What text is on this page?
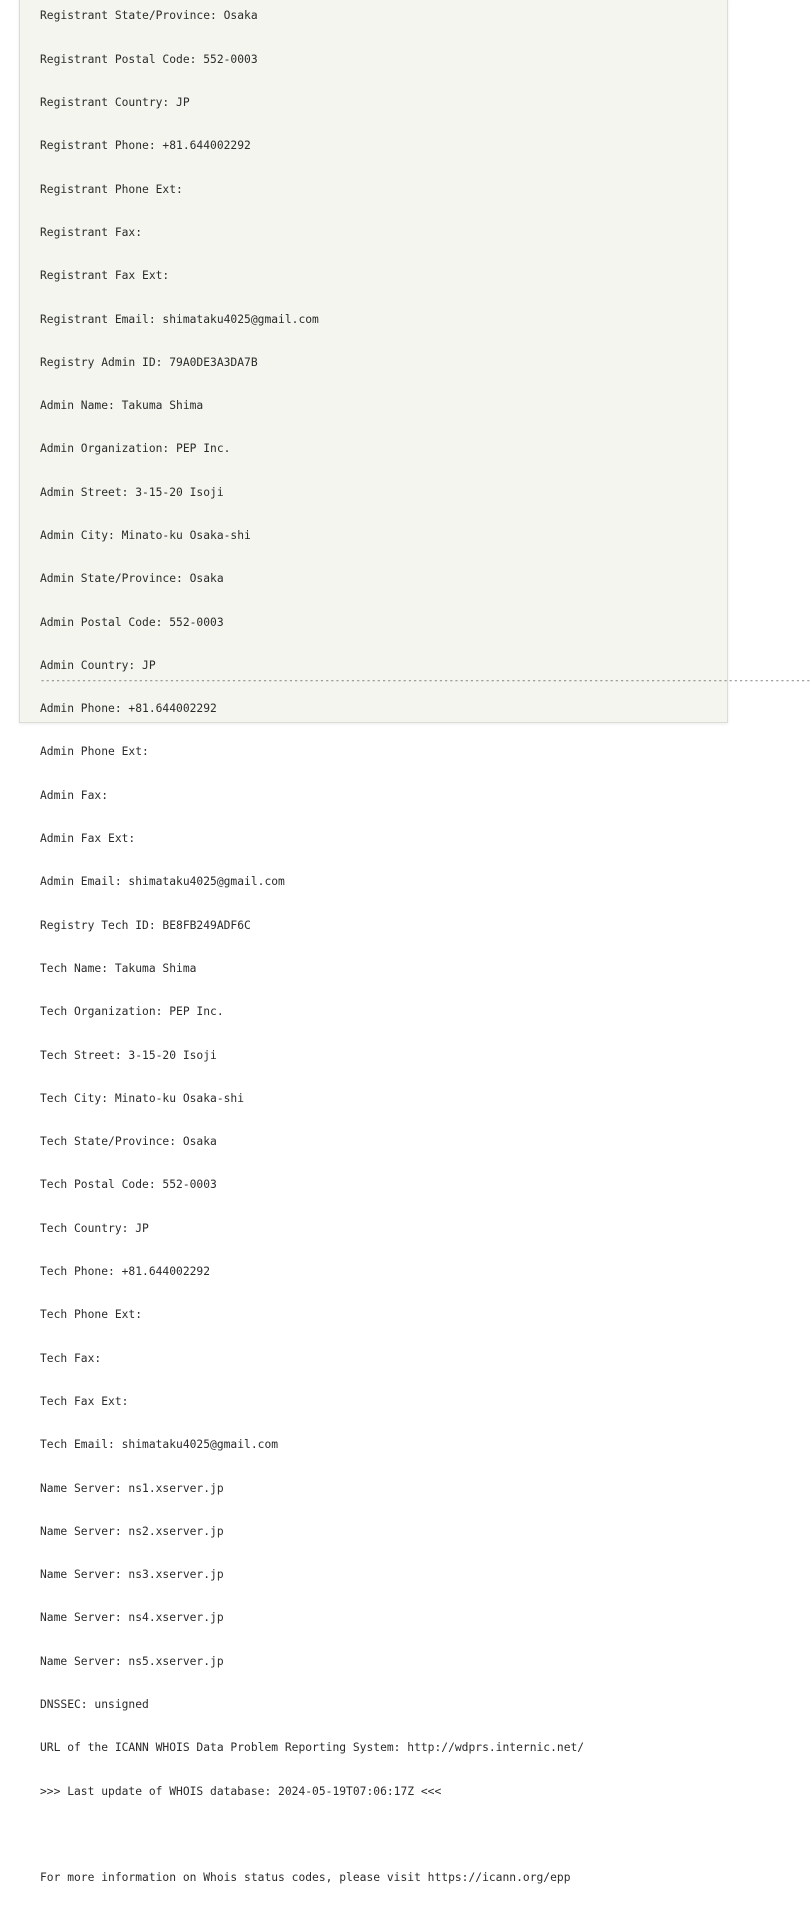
Registrant State/Province: Osaka

Registrant Postal Code: 552-0003

Registrant Country: JP

Registrant Phone: +81.644002292

Registrant Phone Ext:

Registrant Fax:

Registrant Fax Ext:

Registrant Email: shimataku4025@gmail.com

Registry Admin ID: 79A0DE3A3DA7B

Admin Name: Takuma Shima

Admin Organization: PEP Inc.

Admin Street: 3-15-20 Isoji

Admin City: Minato-ku Osaka-shi

Admin State/Province: Osaka

Admin Postal Code: 552-0003

Admin Country: JP

Admin Phone: +81.644002292

Admin Phone Ext:

Admin Fax:

Admin Fax Ext:

Admin Email: shimataku4025@gmail.com

Registry Tech ID: BE8FB249ADF6C

Tech Name: Takuma Shima

Tech Organization: PEP Inc.

Tech Street: 3-15-20 Isoji

Tech City: Minato-ku Osaka-shi

Tech State/Province: Osaka

Tech Postal Code: 552-0003

Tech Country: JP

Tech Phone: +81.644002292

Tech Phone Ext:

Tech Fax:

Tech Fax Ext:

Tech Email: shimataku4025@gmail.com

Name Server: ns1.xserver.jp

Name Server: ns2.xserver.jp

Name Server: ns3.xserver.jp

Name Server: ns4.xserver.jp

Name Server: ns5.xserver.jp

DNSSEC: unsigned

URL of the ICANN WHOIS Data Problem Reporting System: http://wdprs.internic.net/

>>> Last update of WHOIS database: 2024-05-19T07:06:17Z <<<

For more information on Whois status codes, please visit https://icann.org/epp

-----------------------------------------------------------------------------------------------------------------------------------------------------
